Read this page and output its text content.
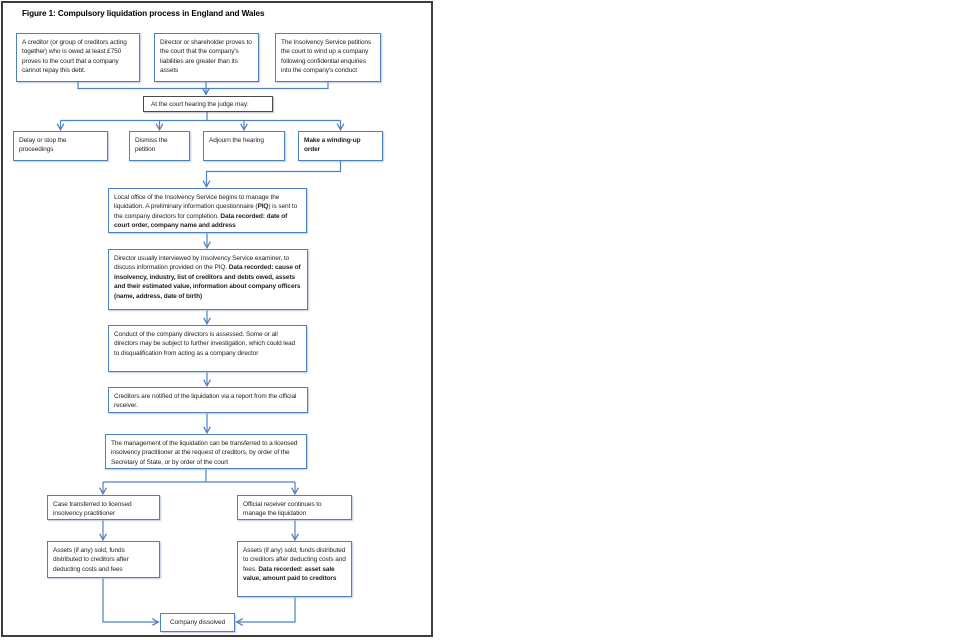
Figure 1: Compulsory liquidation process in England and Wales
A creditor (or group of creditors acting together) who is owed at least £750 proves to the court that a company cannot repay this debt.
Director or shareholder proves to the court that the company's liabilities are greater than its assets
The Insolvency Service petitions the court to wind up a company following confidential enquiries into the company's conduct
At the court hearing the judge may:
Delay or stop the proceedings
Dismiss the petition
Adjourn the hearing	Make a winding-up order
Local office of the Insolvency Service begins to manage the liquidation. A preliminary information questionnaire (PIQ) is sent to the company directors for completion. Data recorded: date of court order, company name and address
Director usually interviewed by Insolvency Service examiner, to discuss information provided on the PIQ. Data recorded: cause of insolvency, industry, list of creditors and debts owed, assets and their estimated value, information about company officers (name, address, date of birth)
Conduct of the company directors is assessed. Some or all directors may be subject to further investigation, which could lead to disqualification from acting as a company director
Creditors are notified of the liquidation via a report from the official receiver.
The management of the liquidation can be transferred to a licensed insolvency practitioner at the request of creditors, by order of the Secretary of State, or by order of the court
Case transferred to licensed insolvency practitioner
Official receiver continues to manage the liquidation
Assets (if any) sold, funds distributed to creditors after deducting costs and fees
Assets (if any) sold, funds distributed to creditors after deducting costs and fees. Data recorded: asset sale value, amount paid to creditors
Company dissolved
